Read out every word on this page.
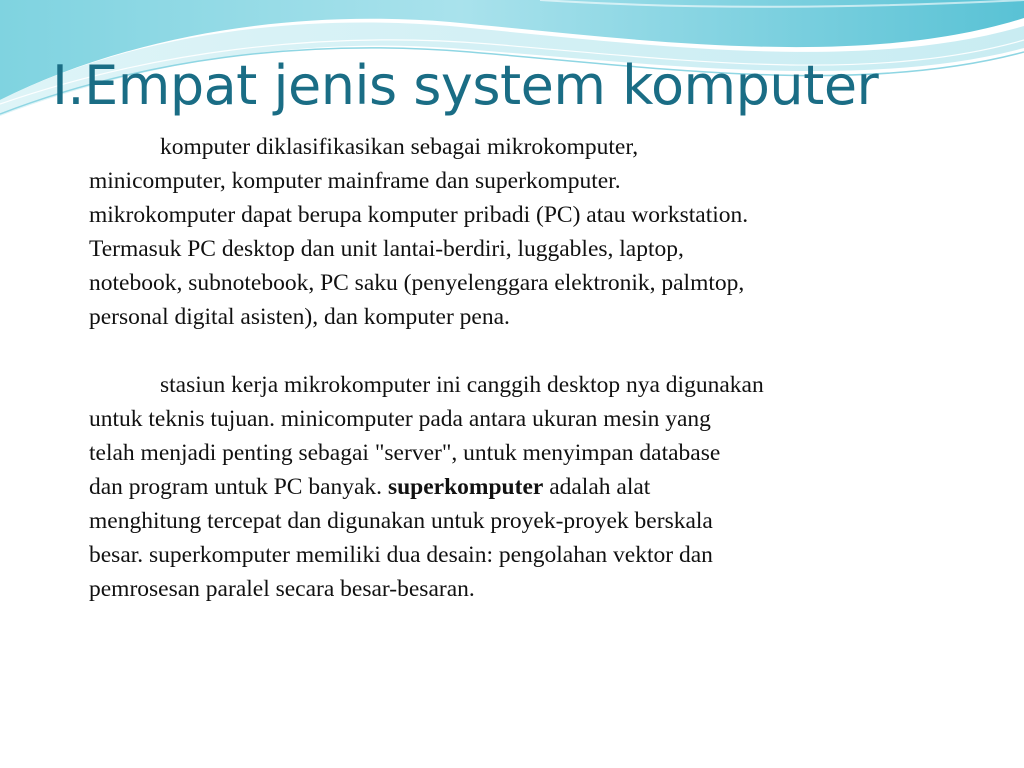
I.Empat jenis system komputer

komputer diklasifikasikan sebagai mikrokomputer,
minicomputer, komputer mainframe dan superkomputer.
mikrokomputer dapat berupa komputer pribadi (PC) atau workstation.
Termasuk PC desktop dan unit lantai-berdiri, luggables, laptop,
notebook, subnotebook, PC saku (penyelenggara elektronik, palmtop,
personal digital asisten), dan komputer pena.

stasiun kerja mikrokomputer ini canggih desktop nya digunakan
untuk teknis tujuan. minicomputer pada antara ukuran mesin yang
telah menjadi penting sebagai "server", untuk menyimpan database
dan program untuk PC banyak. superkomputer adalah alat
menghitung tercepat dan digunakan untuk proyek-proyek berskala
besar. superkomputer memiliki dua desain: pengolahan vektor dan
pemrosesan paralel secara besar-besaran.
